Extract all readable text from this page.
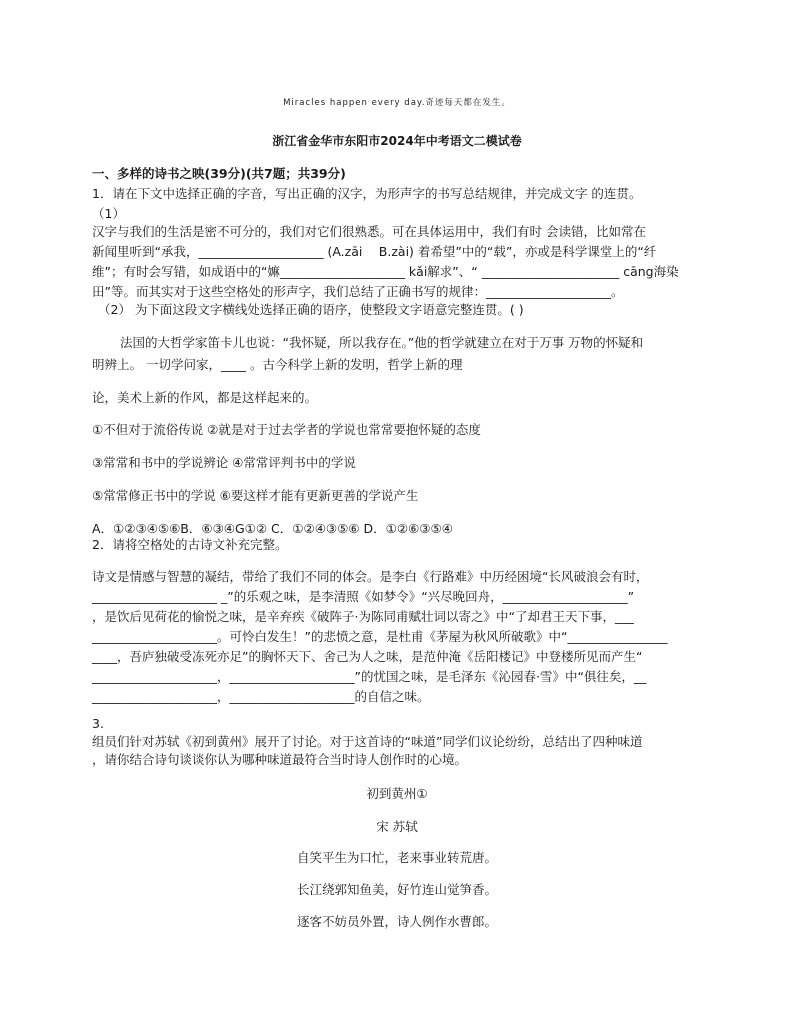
Miracles happen every day.奇迹每天都在发生。
浙江省金华市东阳市2024年中考语文二模试卷
一、多样的诗书之映(39分)(共7题；共39分)
1．请在下文中选择正确的字音，写出正确的汉字，为形声字的书写总结规律，并完成文字 的连贯。
（1）
汉字与我们的生活是密不可分的，我们对它们很熟悉。可在具体运用中，我们有时 会读错，比如常在
新闻里听到“承我，____________________ (A.zāi　 B.zài) 着希望”中的“载”，亦或是科学课堂上的“纤
维”；有时会写错，如成语中的“嫲____________________ kǎi解求”、“ ______________________ cāng海染
田”等。而其实对于这些空格处的形声字，我们总结了正确书写的规律：____________________。
（2） 为下面这段文字横线处选择正确的语序，使整段文字语意完整连贯。( )
法国的大哲学家笛卡儿也说：“我怀疑，所以我存在。”他的哲学就建立在对于万事 万物的怀疑和
明辨上。 一切学问家，____ 。古今科学上新的发明，哲学上新的理
论，美术上新的作风，都是这样起来的。
①不但对于流俗传说 ②就是对于过去学者的学说也常常要抱怀疑的态度
③常常和书中的学说辨论 ④常常评判书中的学说
⑤常常修正书中的学说 ⑥要这样才能有更新更善的学说产生
A．①②③④⑤⑥B．⑥③④G①② C．①②④③⑤⑥ D．①②⑥③⑤④
2．请将空格处的古诗文补充完整。
诗文是情感与智慧的凝结，带给了我们不同的体会。是李白《行路难》中历经困境“长风破浪会有时，
____________________ _”的乐观之味，是李清照《如梦令》“兴尽晚回舟，____________________”
，是饮后见荷花的愉悦之味，是辛弃疾《破阵子·为陈同甫赋壮词以寄之》中“了却君王天下事，___
____________________。可怜白发生！”的悲愤之意，是杜甫《茅屋为秋风所破歌》中“________________
____，吾庐独破受冻死亦足”的胸怀天下、舍己为人之味，是范仲淹《岳阳楼记》中登楼所见而产生“
____________________，____________________”的忧国之味，是毛泽东《沁园春·雪》中“俱往矣，__
____________________，____________________的自信之味。
3.
组员们针对苏轼《初到黄州》展开了讨论。对于这首诗的“味道”同学们议论纷纷，总结出了四种味道
，请你结合诗句谈谈你认为哪种味道最符合当时诗人创作时的心境。
初到黄州①
宋 苏轼
自笑平生为口忙，老来事业转荒唐。
长江绕郭知鱼美，好竹连山觉笋香。
逐客不妨员外置，诗人例作水曹郎。
